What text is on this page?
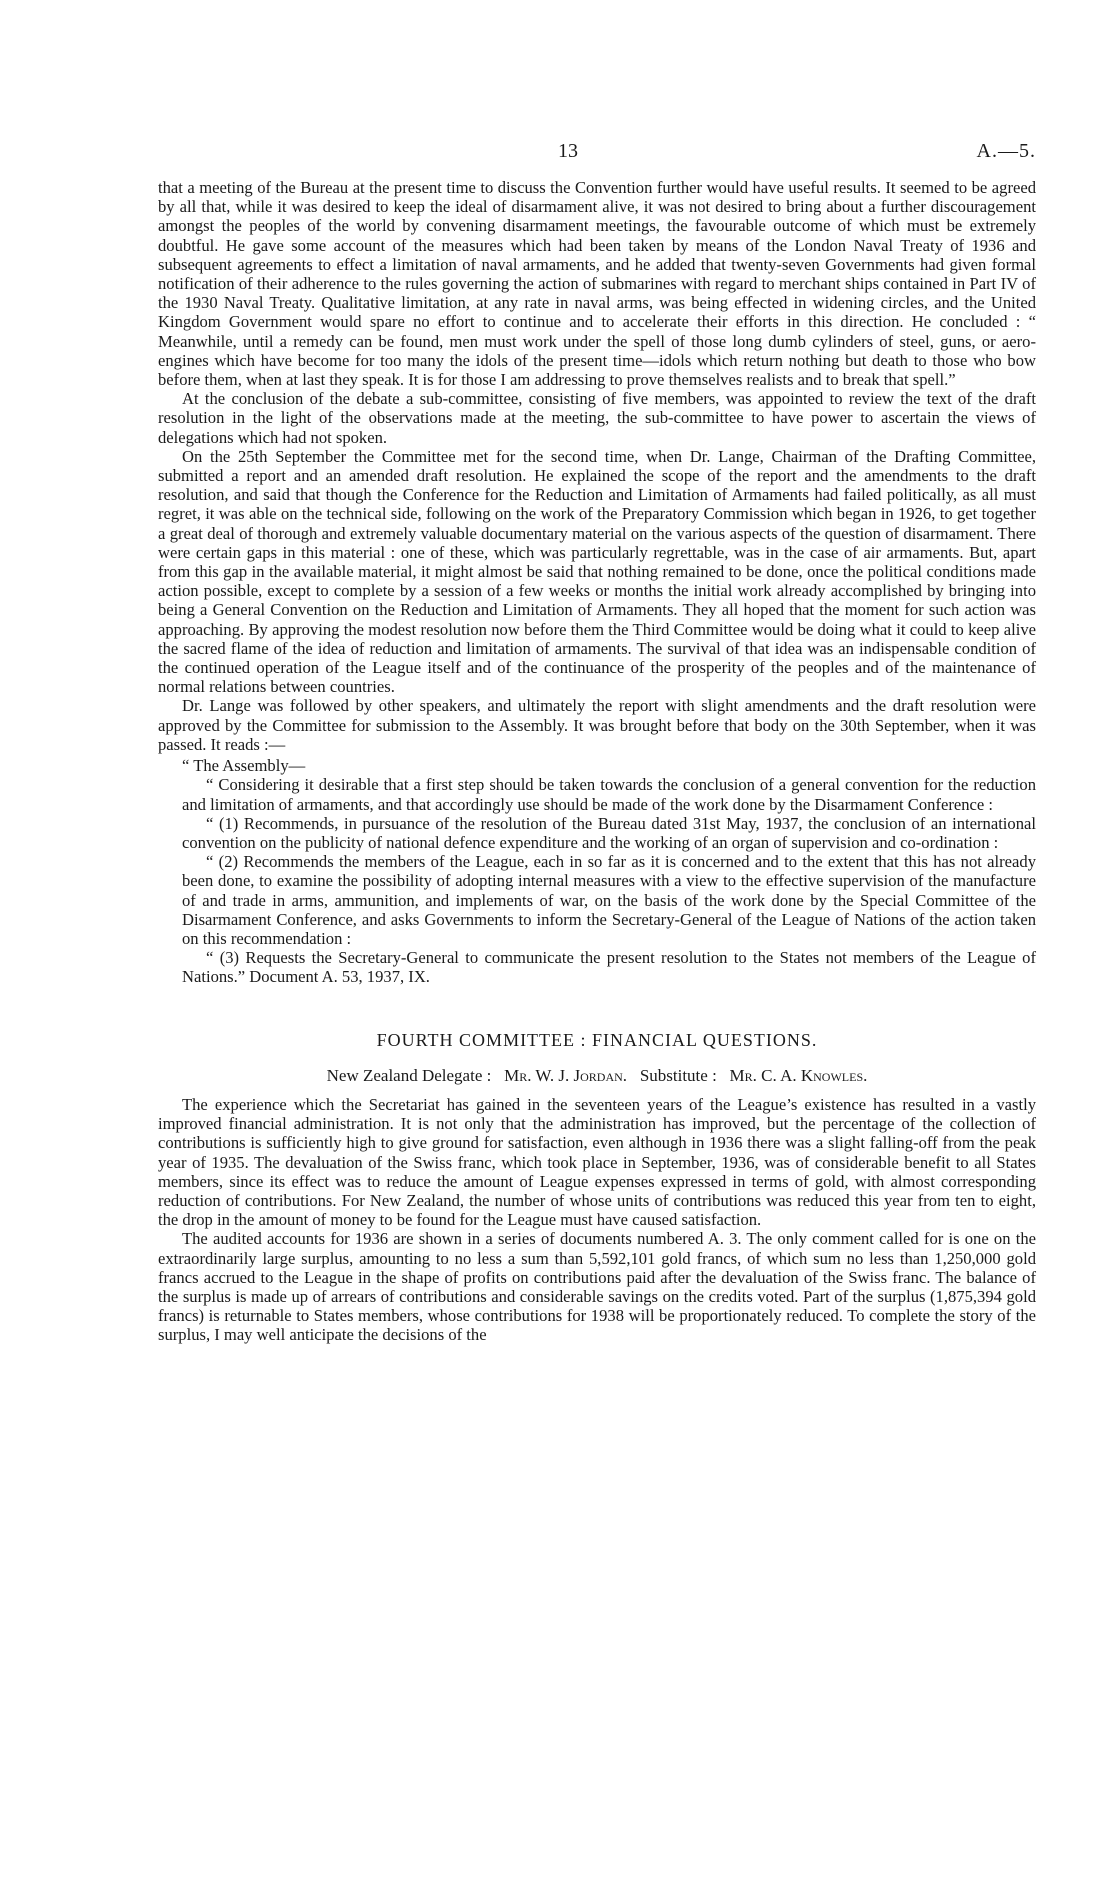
13	A.—5.

that a meeting of the Bureau at the present time to discuss the Convention further would have useful results. It seemed to be agreed by all that, while it was desired to keep the ideal of disarmament alive, it was not desired to bring about a further discouragement amongst the peoples of the world by convening disarmament meetings, the favourable outcome of which must be extremely doubtful. He gave some account of the measures which had been taken by means of the London Naval Treaty of 1936 and subsequent agreements to effect a limitation of naval armaments, and he added that twenty-seven Governments had given formal notification of their adherence to the rules governing the action of submarines with regard to merchant ships contained in Part IV of the 1930 Naval Treaty. Qualitative limitation, at any rate in naval arms, was being effected in widening circles, and the United Kingdom Government would spare no effort to continue and to accelerate their efforts in this direction. He concluded : “ Meanwhile, until a remedy can be found, men must work under the spell of those long dumb cylinders of steel, guns, or aero-engines which have become for too many the idols of the present time—idols which return nothing but death to those who bow before them, when at last they speak. It is for those I am addressing to prove themselves realists and to break that spell.”

At the conclusion of the debate a sub-committee, consisting of five members, was appointed to review the text of the draft resolution in the light of the observations made at the meeting, the sub-committee to have power to ascertain the views of delegations which had not spoken.

On the 25th September the Committee met for the second time, when Dr. Lange, Chairman of the Drafting Committee, submitted a report and an amended draft resolution. He explained the scope of the report and the amendments to the draft resolution, and said that though the Conference for the Reduction and Limitation of Armaments had failed politically, as all must regret, it was able on the technical side, following on the work of the Preparatory Commission which began in 1926, to get together a great deal of thorough and extremely valuable documentary material on the various aspects of the question of disarmament. There were certain gaps in this material : one of these, which was particularly regrettable, was in the case of air armaments. But, apart from this gap in the available material, it might almost be said that nothing remained to be done, once the political conditions made action possible, except to complete by a session of a few weeks or months the initial work already accomplished by bringing into being a General Convention on the Reduction and Limitation of Armaments. They all hoped that the moment for such action was approaching. By approving the modest resolution now before them the Third Committee would be doing what it could to keep alive the sacred flame of the idea of reduction and limitation of armaments. The survival of that idea was an indispensable condition of the continued operation of the League itself and of the continuance of the prosperity of the peoples and of the maintenance of normal relations between countries.

Dr. Lange was followed by other speakers, and ultimately the report with slight amendments and the draft resolution were approved by the Committee for submission to the Assembly. It was brought before that body on the 30th September, when it was passed. It reads :—

“ The Assembly—

“ Considering it desirable that a first step should be taken towards the conclusion of a general convention for the reduction and limitation of armaments, and that accordingly use should be made of the work done by the Disarmament Conference :

“ (1) Recommends, in pursuance of the resolution of the Bureau dated 31st May, 1937, the conclusion of an international convention on the publicity of national defence expenditure and the working of an organ of supervision and co-ordination :

“ (2) Recommends the members of the League, each in so far as it is concerned and to the extent that this has not already been done, to examine the possibility of adopting internal measures with a view to the effective supervision of the manufacture of and trade in arms, ammunition, and implements of war, on the basis of the work done by the Special Committee of the Disarmament Conference, and asks Governments to inform the Secretary-General of the League of Nations of the action taken on this recommendation :

“ (3) Requests the Secretary-General to communicate the present resolution to the States not members of the League of Nations.” Document A. 53, 1937, IX.

FOURTH COMMITTEE : FINANCIAL QUESTIONS.
New Zealand Delegate : Mr. W. J. Jordan. Substitute : Mr. C. A. Knowles.

The experience which the Secretariat has gained in the seventeen years of the League’s existence has resulted in a vastly improved financial administration. It is not only that the administration has improved, but the percentage of the collection of contributions is sufficiently high to give ground for satisfaction, even although in 1936 there was a slight falling-off from the peak year of 1935. The devaluation of the Swiss franc, which took place in September, 1936, was of considerable benefit to all States members, since its effect was to reduce the amount of League expenses expressed in terms of gold, with almost corresponding reduction of contributions. For New Zealand, the number of whose units of contributions was reduced this year from ten to eight, the drop in the amount of money to be found for the League must have caused satisfaction.

The audited accounts for 1936 are shown in a series of documents numbered A. 3. The only comment called for is one on the extraordinarily large surplus, amounting to no less a sum than 5,592,101 gold francs, of which sum no less than 1,250,000 gold francs accrued to the League in the shape of profits on contributions paid after the devaluation of the Swiss franc. The balance of the surplus is made up of arrears of contributions and considerable savings on the credits voted. Part of the surplus (1,875,394 gold francs) is returnable to States members, whose contributions for 1938 will be proportionately reduced. To complete the story of the surplus, I may well anticipate the decisions of the
